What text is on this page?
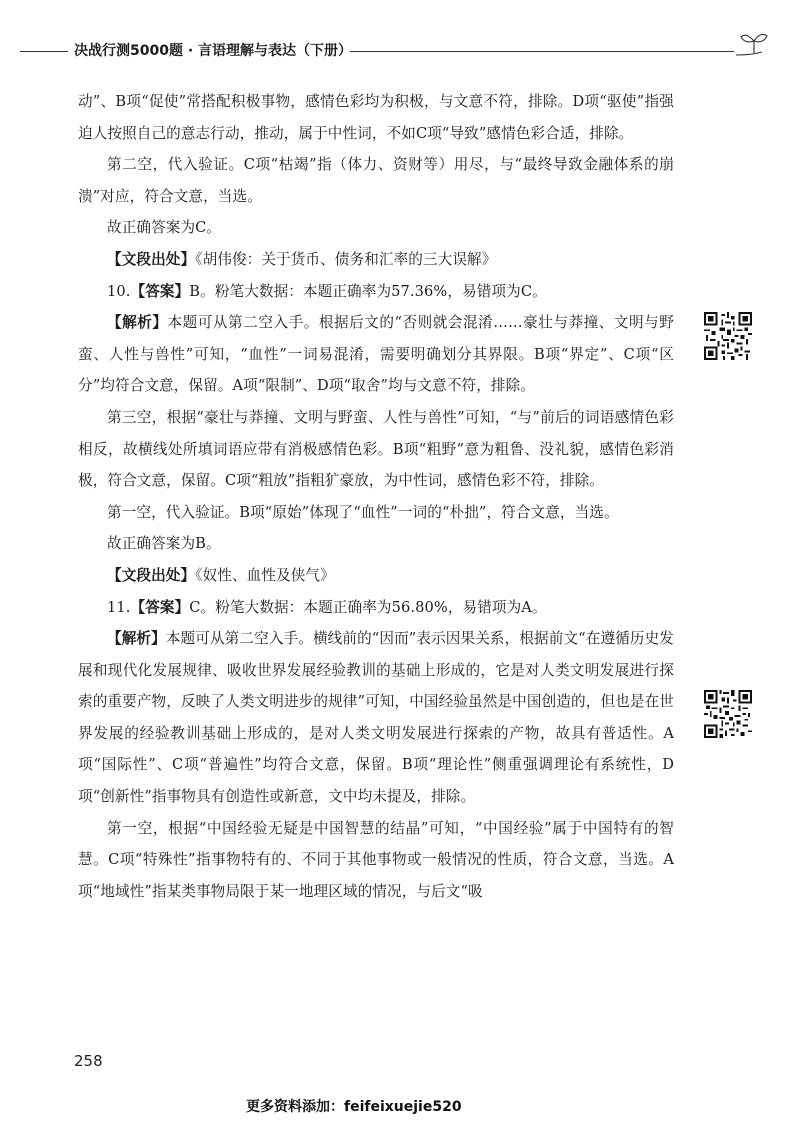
决战行测5000题 · 言语理解与表达（下册）

动”、B项“促使”常搭配积极事物，感情色彩均为积极，与文意不符，排除。D项“驱使”指强迫人按照自己的意志行动，推动，属于中性词，不如C项“导致”感情色彩合适，排除。

第二空，代入验证。C项“枯竭”指（体力、资财等）用尽，与“最终导致金融体系的崩溃”对应，符合文意，当选。

故正确答案为C。

【文段出处】《胡伟俊：关于货币、债务和汇率的三大误解》

10.【答案】B。粉笔大数据：本题正确率为57.36%，易错项为C。

【解析】本题可从第二空入手。根据后文的“否则就会混淆……豪壮与莽撞、文明与野蛮、人性与兽性”可知，“血性”一词易混淆，需要明确划分其界限。B项“界定”、C项“区分”均符合文意，保留。A项“限制”、D项“取舍”均与文意不符，排除。

第三空，根据“豪壮与莽撞、文明与野蛮、人性与兽性”可知，“与”前后的词语感情色彩相反，故横线处所填词语应带有消极感情色彩。B项“粗野”意为粗鲁、没礼貌，感情色彩消极，符合文意，保留。C项“粗放”指粗犷豪放，为中性词，感情色彩不符，排除。

第一空，代入验证。B项“原始”体现了“血性”一词的“朴拙”，符合文意，当选。

故正确答案为B。

【文段出处】《奴性、血性及侠气》

11.【答案】C。粉笔大数据：本题正确率为56.80%，易错项为A。

【解析】本题可从第二空入手。横线前的“因而”表示因果关系，根据前文“在遵循历史发展和现代化发展规律、吸收世界发展经验教训的基础上形成的，它是对人类文明发展进行探索的重要产物，反映了人类文明进步的规律”可知，中国经验虽然是中国创造的，但也是在世界发展的经验教训基础上形成的，是对人类文明发展进行探索的产物，故具有普适性。A项“国际性”、C项“普遍性”均符合文意，保留。B项“理论性”侧重强调理论有系统性，D项“创新性”指事物具有创造性或新意，文中均未提及，排除。

第一空，根据“中国经验无疑是中国智慧的结晶”可知，“中国经验”属于中国特有的智慧。C项“特殊性”指事物特有的、不同于其他事物或一般情况的性质，符合文意，当选。A项“地域性”指某类事物局限于某一地理区域的情况，与后文“吸

258
更多资料添加：feifeixuejie520
